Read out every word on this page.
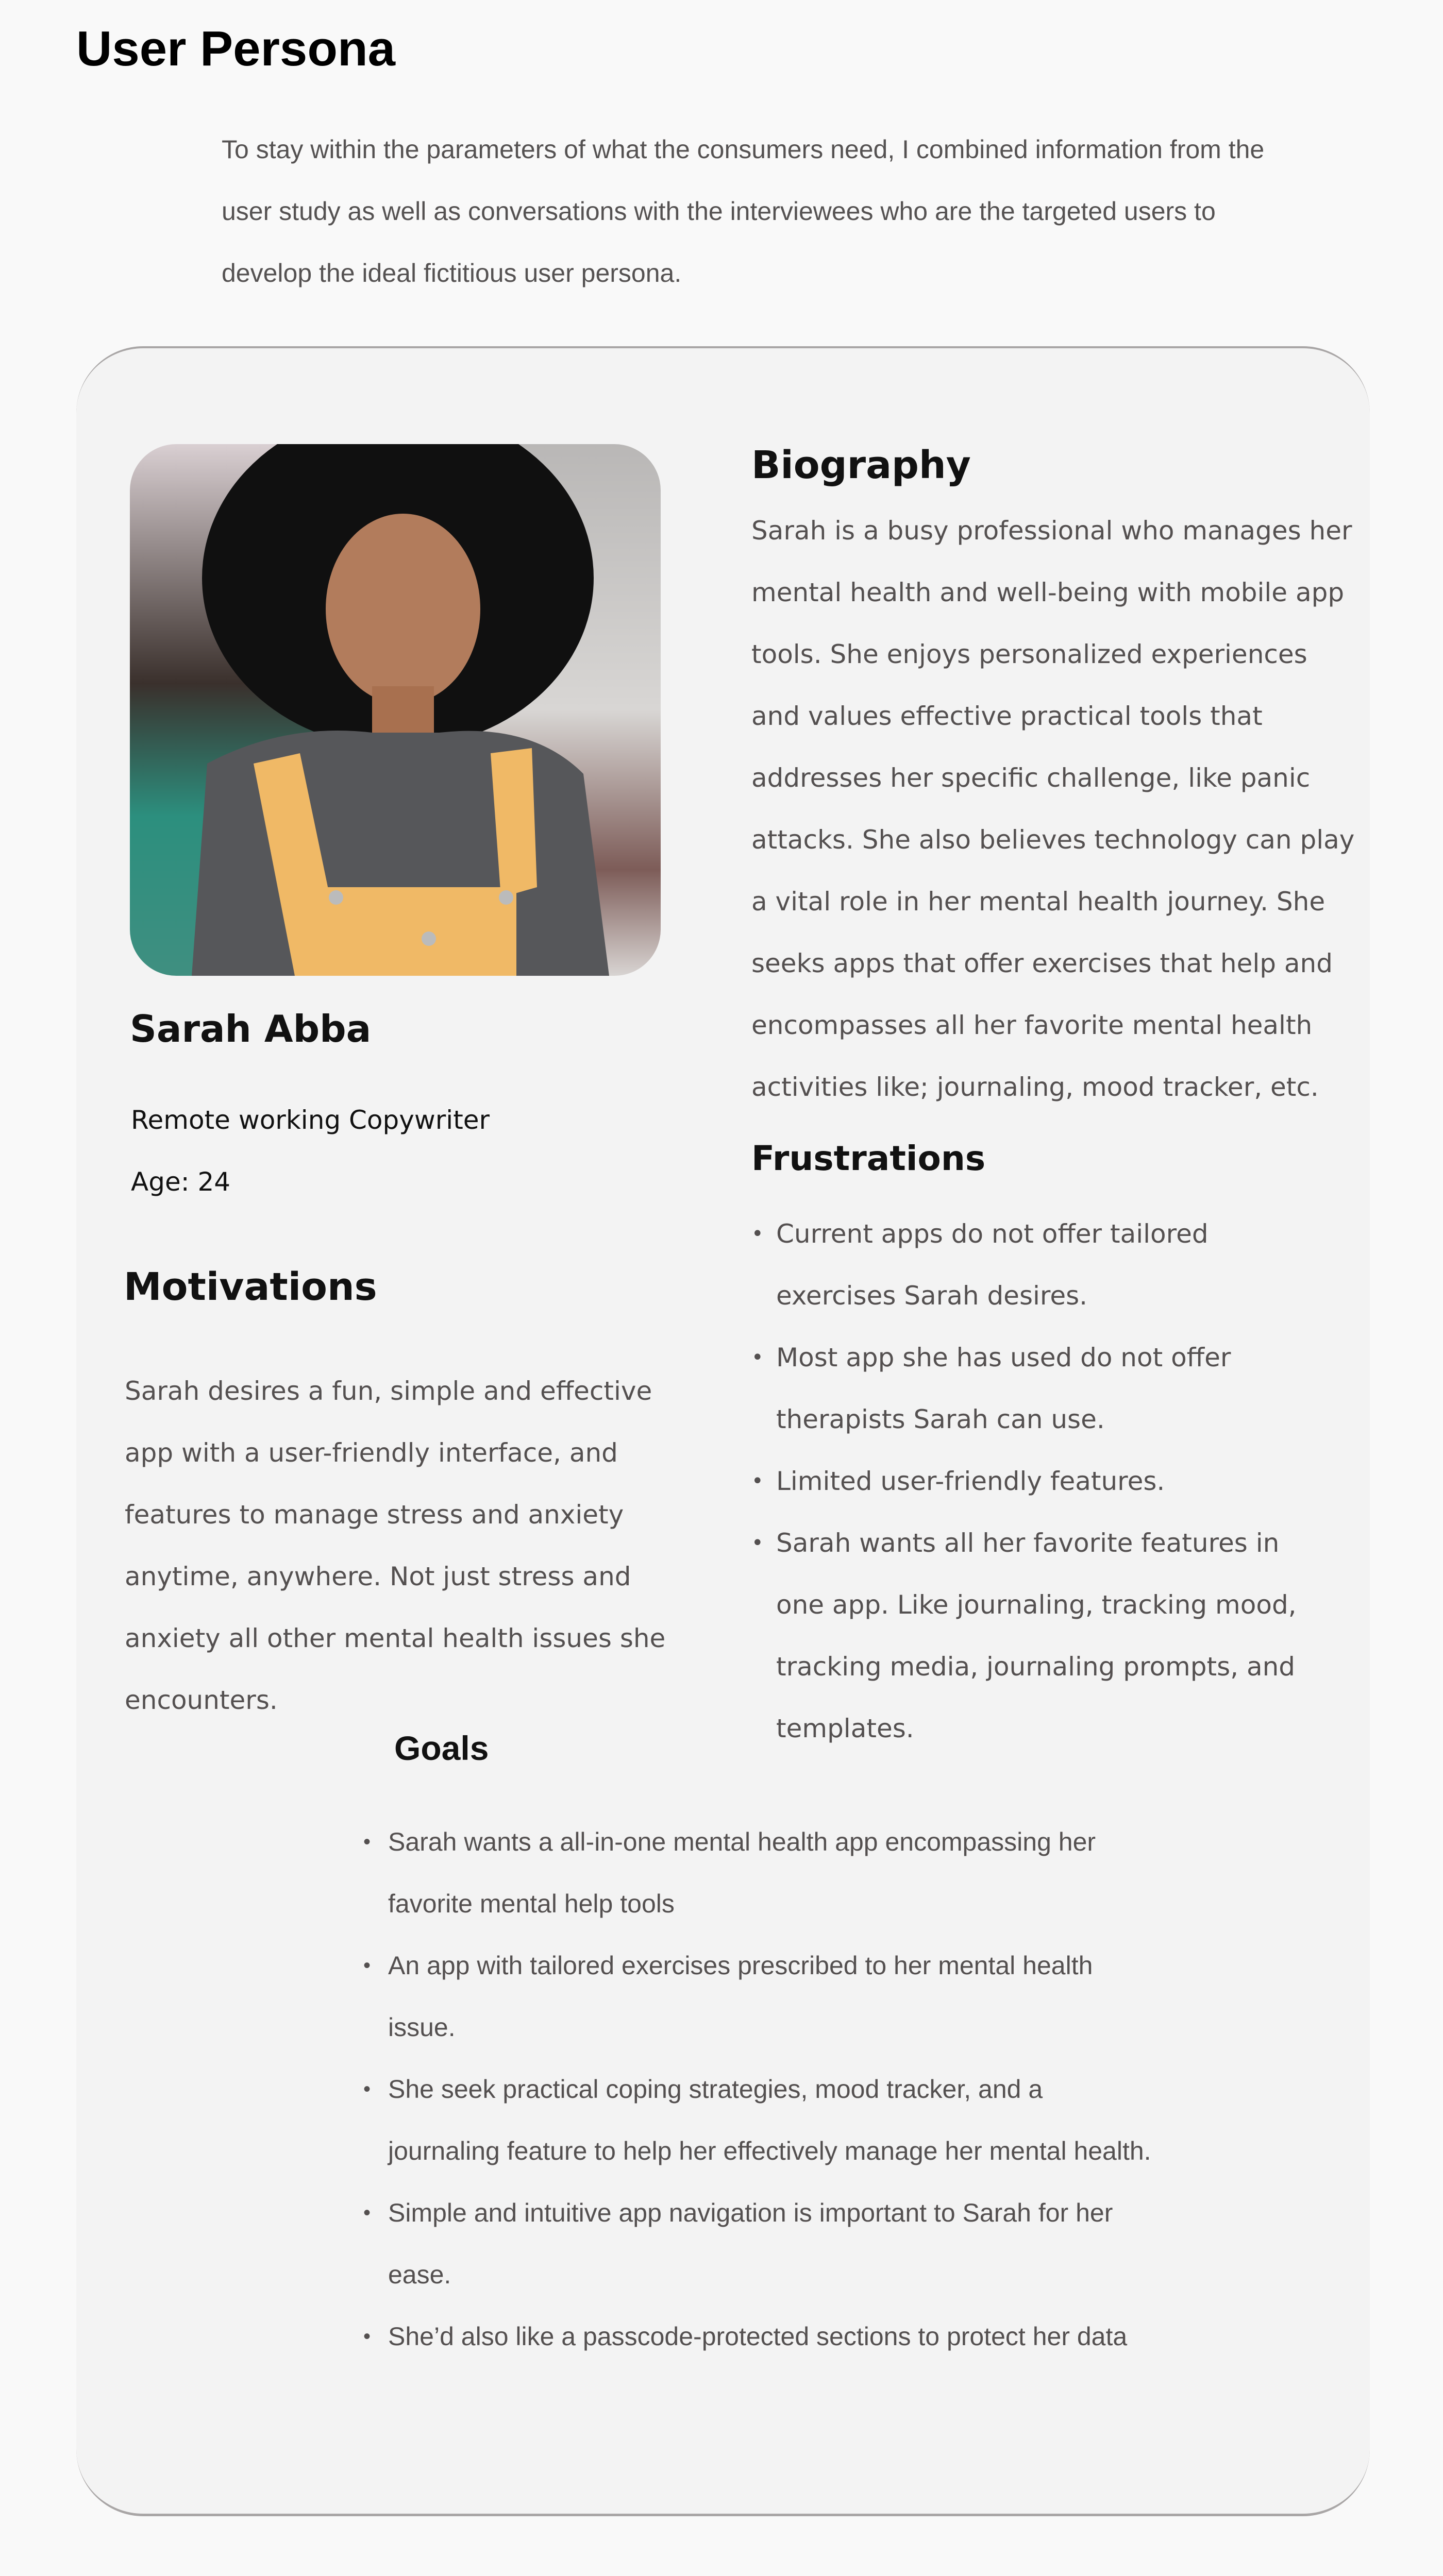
User Persona

To stay within the parameters of what the consumers need, I combined information from the user study as well as conversations with the interviewees who are the targeted users to develop the ideal fictitious user persona.

Sarah Abba
Remote working Copywriter
Age: 24
Motivations

Sarah desires a fun, simple and effective app with a user-friendly interface, and features to manage stress and anxiety anytime, anywhere. Not just stress and anxiety all other mental health issues she encounters.

Biography

Sarah is a busy professional who manages her mental health and well-being with mobile app tools. She enjoys personalized experiences and values effective practical tools that addresses her specific challenge, like panic attacks. She also believes technology can play a vital role in her mental health journey. She seeks apps that offer exercises that help and encompasses all her favorite mental health activities like; journaling, mood tracker, etc.

Frustrations
• Current apps do not offer tailored exercises Sarah desires.
• Most app she has used do not offer therapists Sarah can use.
• Limited user-friendly features.
• Sarah wants all her favorite features in one app. Like journaling, tracking mood, tracking media, journaling prompts, and templates.
Goals
• Sarah wants a all-in-one mental health app encompassing her favorite mental help tools
• An app with tailored exercises prescribed to her mental health issue.
• She seek practical coping strategies, mood tracker, and a journaling feature to help her effectively manage her mental health.
• Simple and intuitive app navigation is important to Sarah for her ease.
• She’d also like a passcode-protected sections to protect her data
